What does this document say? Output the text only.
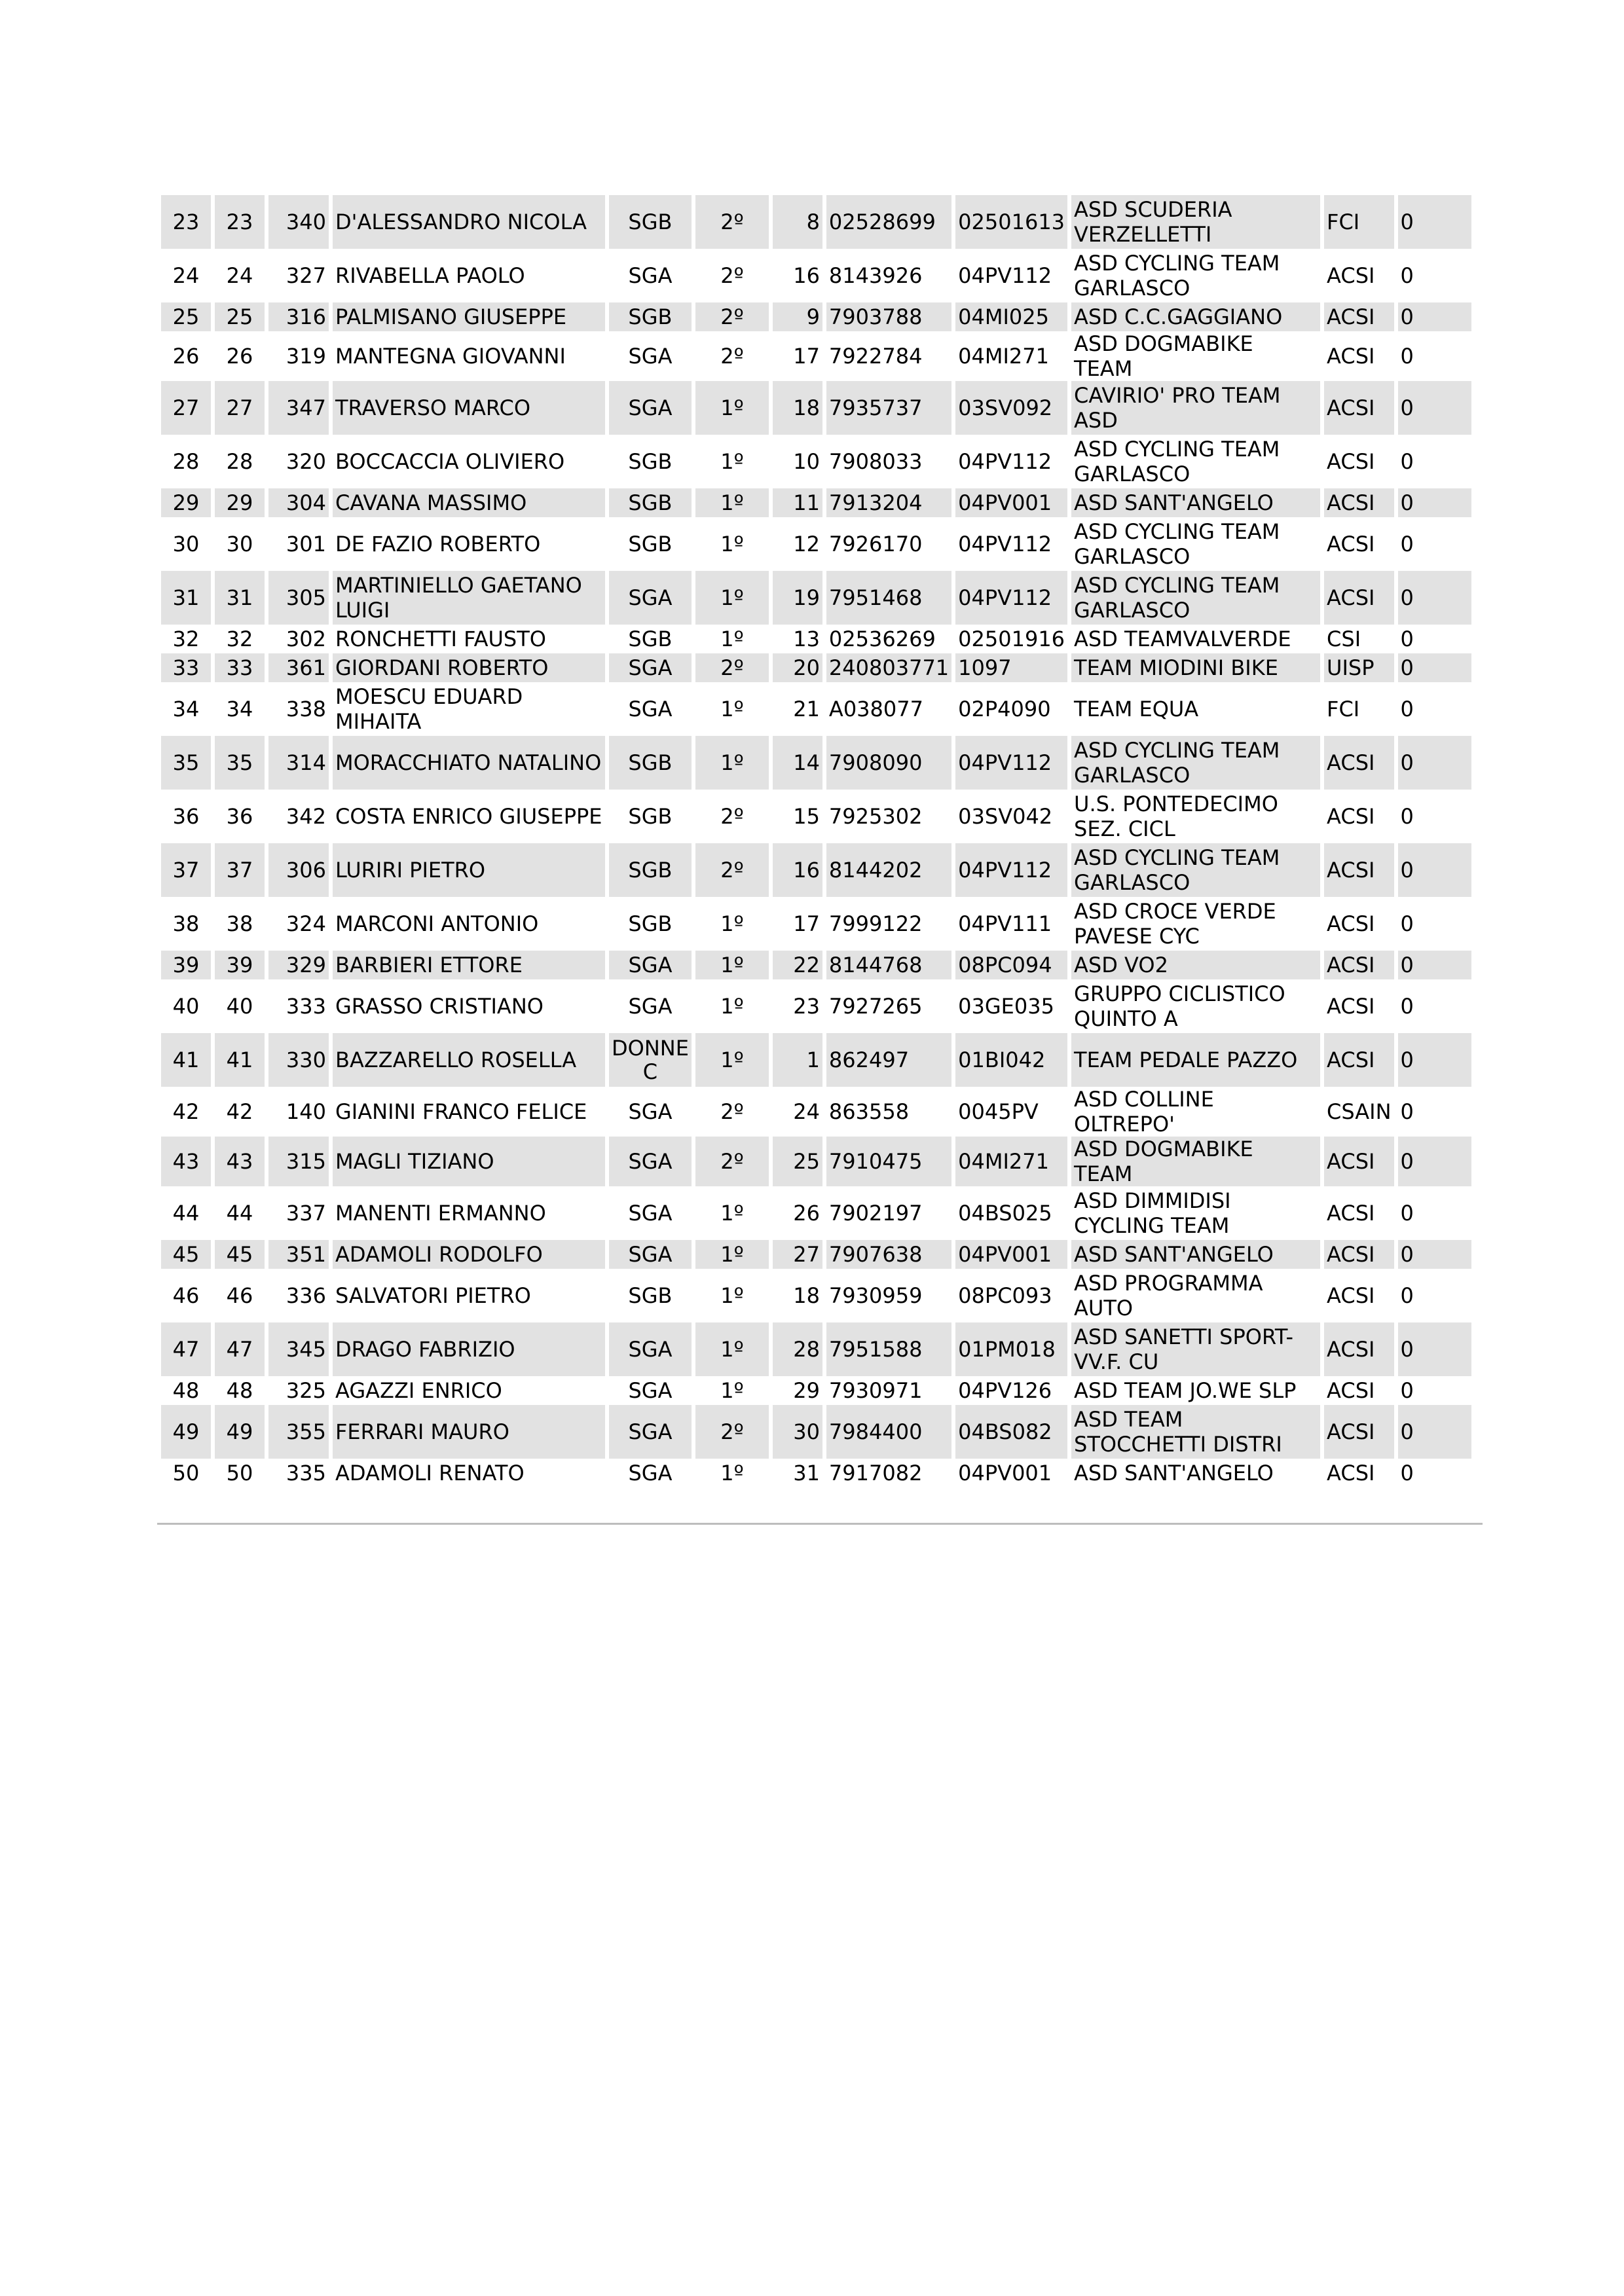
23	23	340	D'ALESSANDRO NICOLA	SGB	2º	8	02528699	02501613	ASD SCUDERIA VERZELLETTI	FCI	0
24	24	327	RIVABELLA PAOLO	SGA	2º	16	8143926	04PV112	ASD CYCLING TEAM GARLASCO	ACSI	0
25	25	316	PALMISANO GIUSEPPE	SGB	2º	9	7903788	04MI025	ASD C.C.GAGGIANO	ACSI	0
26	26	319	MANTEGNA GIOVANNI	SGA	2º	17	7922784	04MI271	ASD DOGMABIKE TEAM	ACSI	0
27	27	347	TRAVERSO MARCO	SGA	1º	18	7935737	03SV092	CAVIRIO' PRO TEAM ASD	ACSI	0
28	28	320	BOCCACCIA OLIVIERO	SGB	1º	10	7908033	04PV112	ASD CYCLING TEAM GARLASCO	ACSI	0
29	29	304	CAVANA MASSIMO	SGB	1º	11	7913204	04PV001	ASD SANT'ANGELO	ACSI	0
30	30	301	DE FAZIO ROBERTO	SGB	1º	12	7926170	04PV112	ASD CYCLING TEAM GARLASCO	ACSI	0
31	31	305	MARTINIELLO GAETANO LUIGI	SGA	1º	19	7951468	04PV112	ASD CYCLING TEAM GARLASCO	ACSI	0
32	32	302	RONCHETTI FAUSTO	SGB	1º	13	02536269	02501916	ASD TEAMVALVERDE	CSI	0
33	33	361	GIORDANI ROBERTO	SGA	2º	20	240803771	1097	TEAM MIODINI BIKE	UISP	0
34	34	338	MOESCU EDUARD MIHAITA	SGA	1º	21	A038077	02P4090	TEAM EQUA	FCI	0
35	35	314	MORACCHIATO NATALINO	SGB	1º	14	7908090	04PV112	ASD CYCLING TEAM GARLASCO	ACSI	0
36	36	342	COSTA ENRICO GIUSEPPE	SGB	2º	15	7925302	03SV042	U.S. PONTEDECIMO SEZ. CICL	ACSI	0
37	37	306	LURIRI PIETRO	SGB	2º	16	8144202	04PV112	ASD CYCLING TEAM GARLASCO	ACSI	0
38	38	324	MARCONI ANTONIO	SGB	1º	17	7999122	04PV111	ASD CROCE VERDE PAVESE CYC	ACSI	0
39	39	329	BARBIERI ETTORE	SGA	1º	22	8144768	08PC094	ASD VO2	ACSI	0
40	40	333	GRASSO CRISTIANO	SGA	1º	23	7927265	03GE035	GRUPPO CICLISTICO QUINTO A	ACSI	0
41	41	330	BAZZARELLO ROSELLA	DONNE C	1º	1	862497	01BI042	TEAM PEDALE PAZZO	ACSI	0
42	42	140	GIANINI FRANCO FELICE	SGA	2º	24	863558	0045PV	ASD COLLINE OLTREPO'	CSAIN	0
43	43	315	MAGLI TIZIANO	SGA	2º	25	7910475	04MI271	ASD DOGMABIKE TEAM	ACSI	0
44	44	337	MANENTI ERMANNO	SGA	1º	26	7902197	04BS025	ASD DIMMIDISI CYCLING TEAM	ACSI	0
45	45	351	ADAMOLI RODOLFO	SGA	1º	27	7907638	04PV001	ASD SANT'ANGELO	ACSI	0
46	46	336	SALVATORI PIETRO	SGB	1º	18	7930959	08PC093	ASD PROGRAMMA AUTO	ACSI	0
47	47	345	DRAGO FABRIZIO	SGA	1º	28	7951588	01PM018	ASD SANETTI SPORT-VV.F. CU	ACSI	0
48	48	325	AGAZZI ENRICO	SGA	1º	29	7930971	04PV126	ASD TEAM JO.WE SLP	ACSI	0
49	49	355	FERRARI MAURO	SGA	2º	30	7984400	04BS082	ASD TEAM STOCCHETTI DISTRI	ACSI	0
50	50	335	ADAMOLI RENATO	SGA	1º	31	7917082	04PV001	ASD SANT'ANGELO	ACSI	0
